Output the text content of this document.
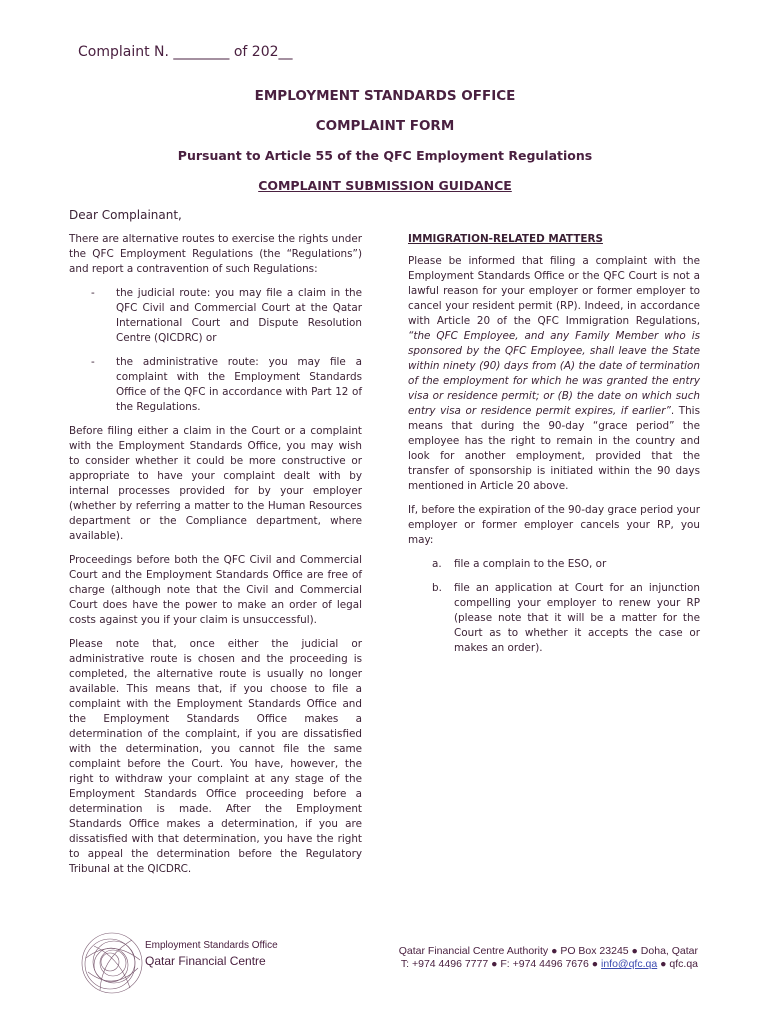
Complaint N. ________ of 202__
EMPLOYMENT STANDARDS OFFICE
COMPLAINT FORM
Pursuant to Article 55 of the QFC Employment Regulations
COMPLAINT SUBMISSION GUIDANCE
Dear Complainant,

There are alternative routes to exercise the rights under the QFC Employment Regulations (the “Regulations”) and report a contravention of such Regulations:

- the judicial route: you may file a claim in the QFC Civil and Commercial Court at the Qatar International Court and Dispute Resolution Centre (QICDRC) or
- the administrative route: you may file a complaint with the Employment Standards Office of the QFC in accordance with Part 12 of the Regulations.

Before filing either a claim in the Court or a complaint with the Employment Standards Office, you may wish to consider whether it could be more constructive or appropriate to have your complaint dealt with by internal processes provided for by your employer (whether by referring a matter to the Human Resources department or the Compliance department, where available).

Proceedings before both the QFC Civil and Commercial Court and the Employment Standards Office are free of charge (although note that the Civil and Commercial Court does have the power to make an order of legal costs against you if your claim is unsuccessful).

Please note that, once either the judicial or administrative route is chosen and the proceeding is completed, the alternative route is usually no longer available. This means that, if you choose to file a complaint with the Employment Standards Office and the Employment Standards Office makes a determination of the complaint, if you are dissatisfied with the determination, you cannot file the same complaint before the Court. You have, however, the right to withdraw your complaint at any stage of the Employment Standards Office proceeding before a determination is made. After the Employment Standards Office makes a determination, if you are dissatisfied with that determination, you have the right to appeal the determination before the Regulatory Tribunal at the QICDRC.

IMMIGRATION-RELATED MATTERS

Please be informed that filing a complaint with the Employment Standards Office or the QFC Court is not a lawful reason for your employer or former employer to cancel your resident permit (RP). Indeed, in accordance with Article 20 of the QFC Immigration Regulations, “the QFC Employee, and any Family Member who is sponsored by the QFC Employee, shall leave the State within ninety (90) days from (A) the date of termination of the employment for which he was granted the entry visa or residence permit; or (B) the date on which such entry visa or residence permit expires, if earlier”. This means that during the 90-day “grace period” the employee has the right to remain in the country and look for another employment, provided that the transfer of sponsorship is initiated within the 90 days mentioned in Article 20 above.

If, before the expiration of the 90-day grace period your employer or former employer cancels your RP, you may:

a. file a complain to the ESO, or
b. file an application at Court for an injunction compelling your employer to renew your RP (please note that it will be a matter for the Court as to whether it accepts the case or makes an order).
Employment Standards Office
Qatar Financial Centre
Qatar Financial Centre Authority ● PO Box 23245 ● Doha, Qatar
T: +974 4496 7777 ● F: +974 4496 7676 ● info@qfc.qa ● qfc.qa
